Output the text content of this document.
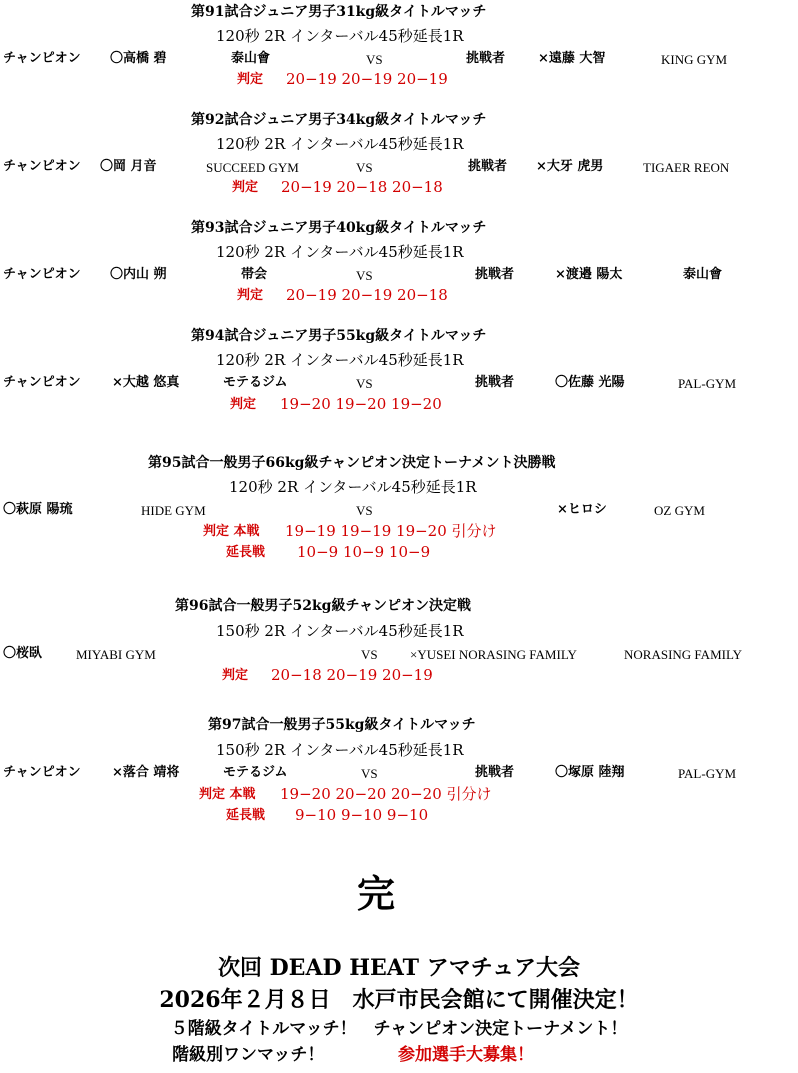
第91試合ジュニア男子31kg級タイトルマッチ
120秒 2R インターバル45秒延長1R
チャンピオン 〇高橋 碧	泰山會	VS	挑戦者	×遠藤 大智	KING GYM
判定 20−19 20−19 20−19
第92試合ジュニア男子34kg級タイトルマッチ
120秒 2R インターバル45秒延長1R
チャンピオン 〇岡 月音	SUCCEED GYM	VS	挑戦者 ×大牙 虎男	TIGAER REON
判定 20−19 20−18 20−18
第93試合ジュニア男子40kg級タイトルマッチ
120秒 2R インターバル45秒延長1R
チャンピオン 〇内山 朔	帯会	VS	挑戦者	×渡邉 陽太	泰山會
判定 20−19 20−19 20−18
第94試合ジュニア男子55kg級タイトルマッチ
120秒 2R インターバル45秒延長1R
チャンピオン ×大越 悠真	モテるジム	VS	挑戦者	〇佐藤 光陽	PAL-GYM
判定 19−20 19−20 19−20
第95試合一般男子66kg級チャンピオン決定トーナメント決勝戦
120秒 2R インターバル45秒延長1R
〇萩原 陽琉	HIDE GYM	VS	×ヒロシ	OZ GYM
判定 本戦 19−19 19−19 19−20 引分け
延長戦 10−9 10−9 10−9
第96試合一般男子52kg級チャンピオン決定戦
150秒 2R インターバル45秒延長1R
〇桜臥	MIYABI GYM	VS ×YUSEI NORASING FAMILY	NORASING FAMILY
判定 20−18 20−19 20−19
第97試合一般男子55kg級タイトルマッチ
150秒 2R インターバル45秒延長1R
チャンピオン ×落合 靖将	モテるジム	VS	挑戦者	〇塚原 陸翔	PAL-GYM
判定 本戦 19−20 20−20 20−20 引分け
延長戦 9−10 9−10 9−10
完
次回 DEAD HEAT アマチュア大会
2026年２月８日　水戸市民会館にて開催決定！
５階級タイトルマッチ！　チャンピオン決定トーナメント！
階級別ワンマッチ！	参加選手大募集！
